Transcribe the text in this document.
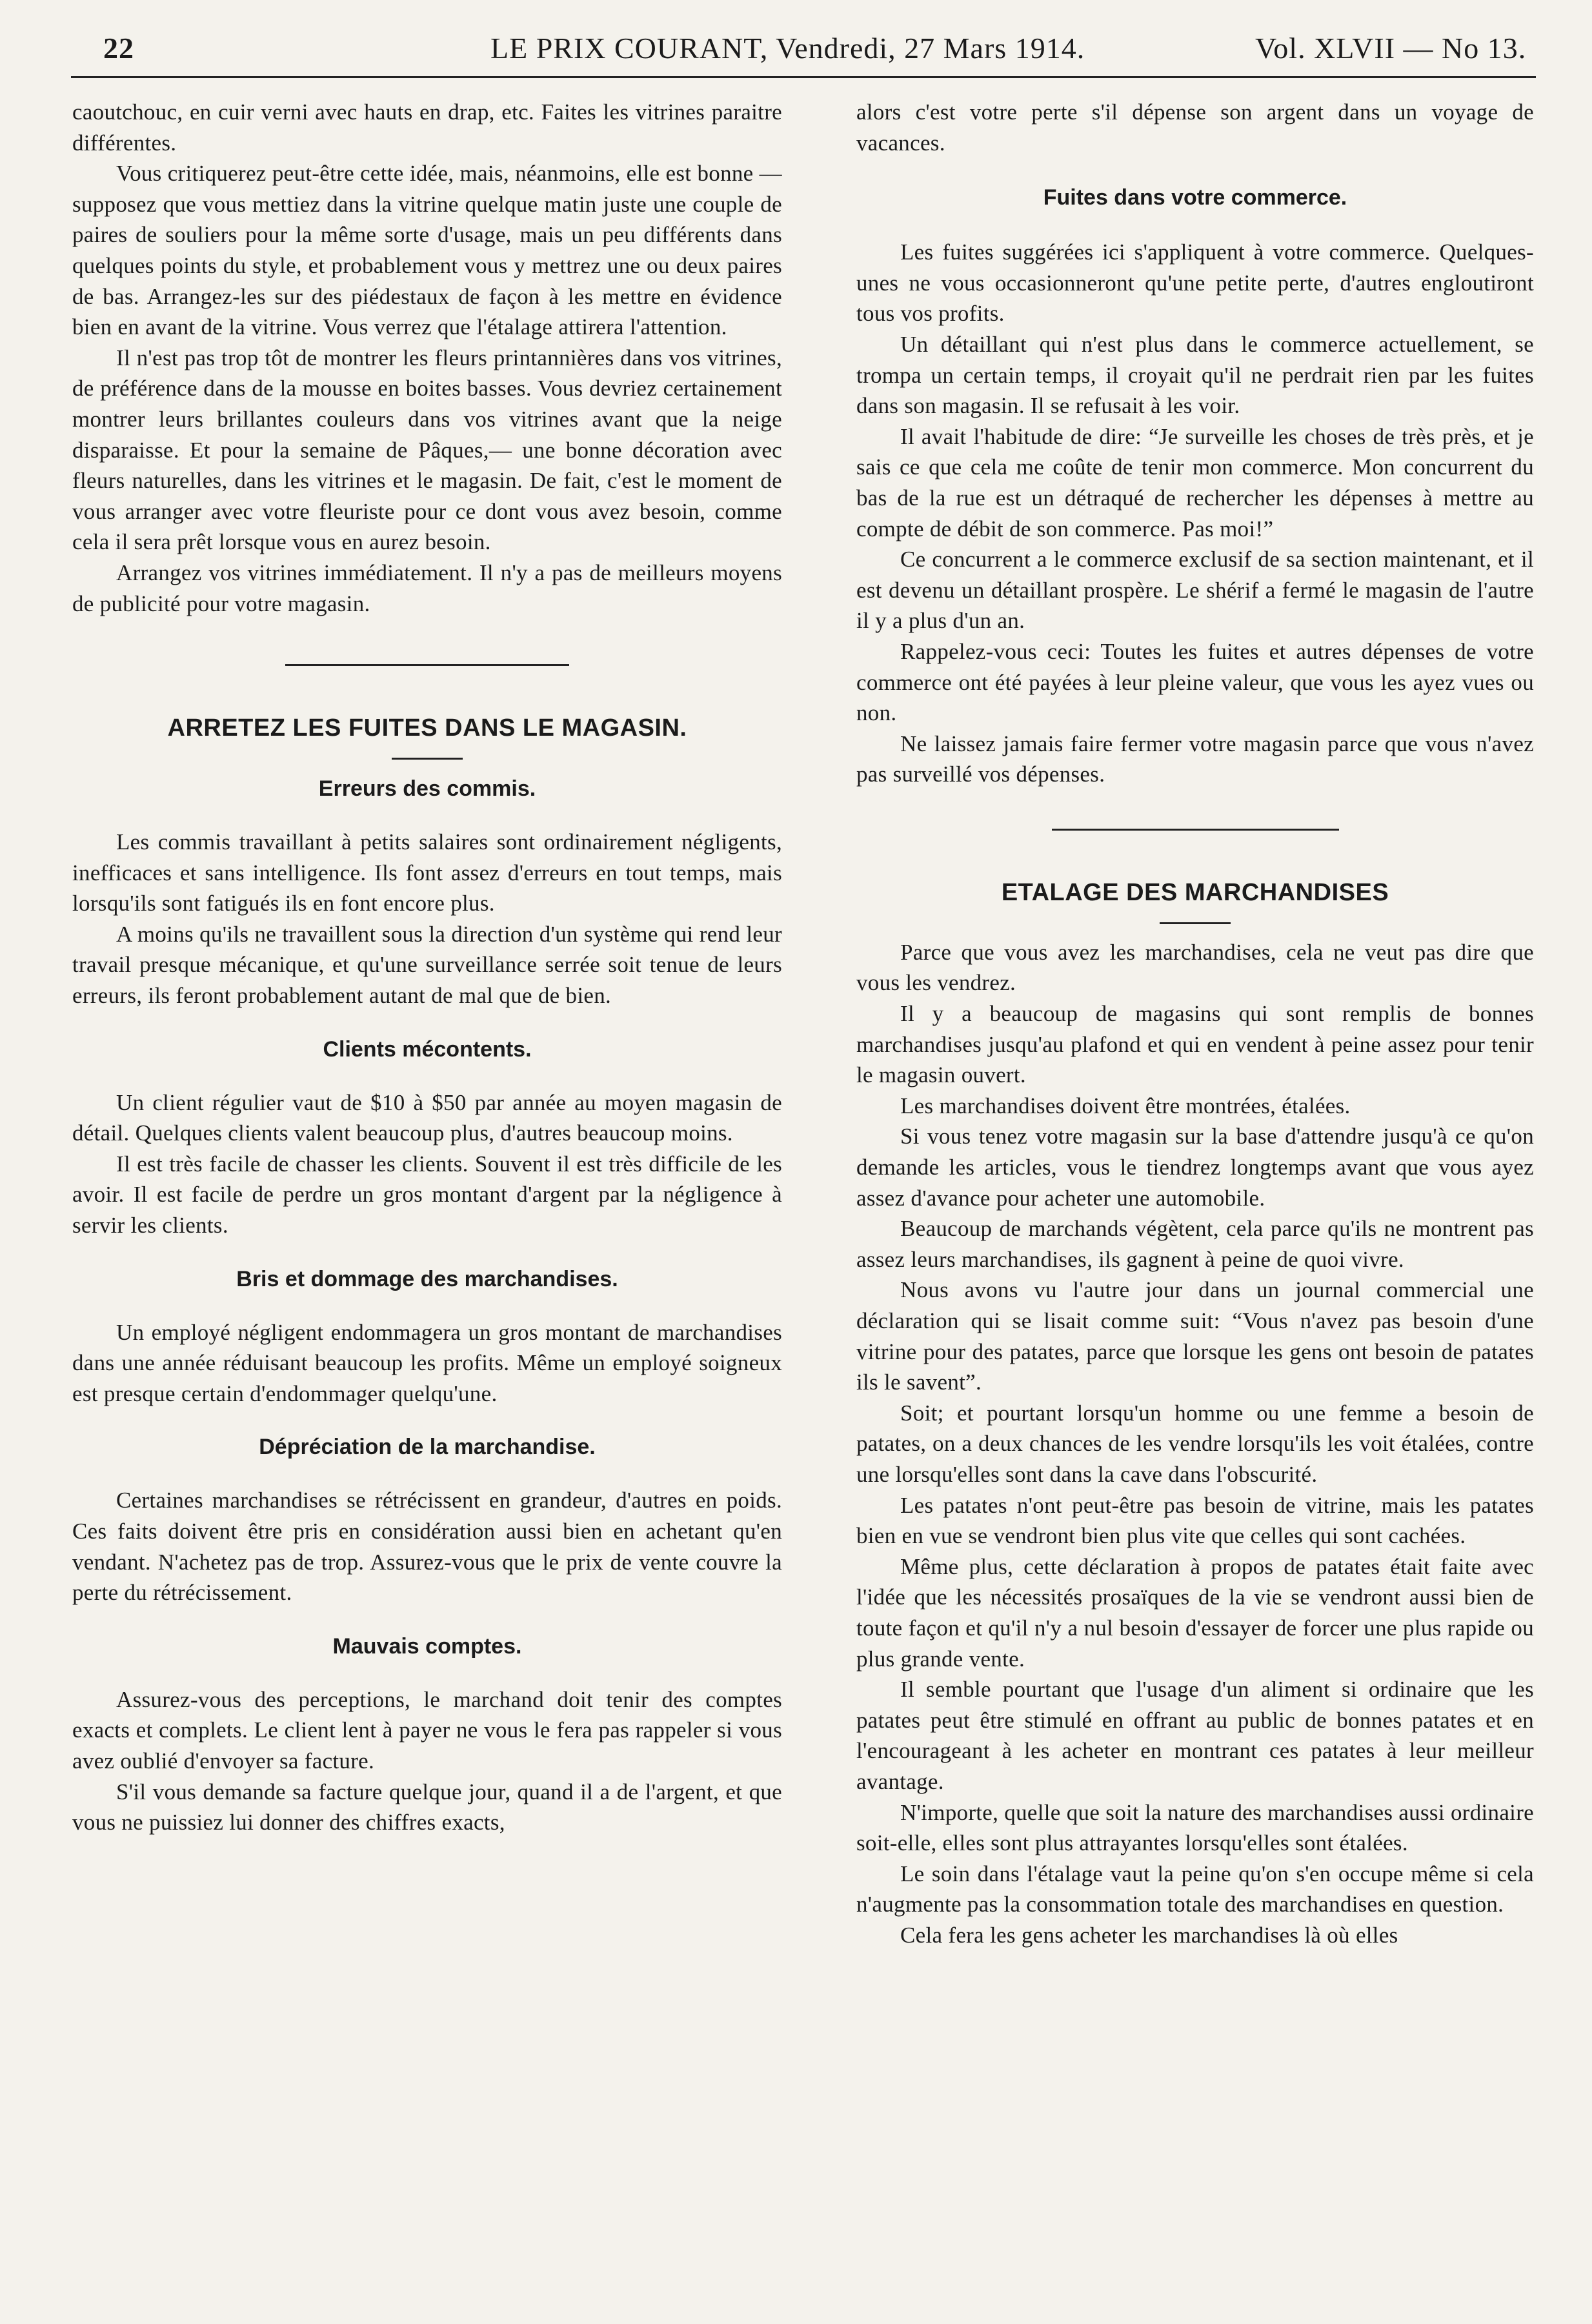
22	LE PRIX COURANT, Vendredi, 27 Mars 1914.	Vol. XLVII — No 13.

caoutchouc, en cuir verni avec hauts en drap, etc. Faites les vitrines paraitre différentes.

Vous critiquerez peut-être cette idée, mais, néanmoins, elle est bonne — supposez que vous mettiez dans la vitrine quelque matin juste une couple de paires de souliers pour la même sorte d'usage, mais un peu différents dans quelques points du style, et probablement vous y mettrez une ou deux paires de bas. Arrangez-les sur des piédestaux de façon à les mettre en évidence bien en avant de la vitrine. Vous verrez que l'étalage attirera l'attention.

Il n'est pas trop tôt de montrer les fleurs printannières dans vos vitrines, de préférence dans de la mousse en boites basses. Vous devriez certainement montrer leurs brillantes couleurs dans vos vitrines avant que la neige disparaisse. Et pour la semaine de Pâques,— une bonne décoration avec fleurs naturelles, dans les vitrines et le magasin. De fait, c'est le moment de vous arranger avec votre fleuriste pour ce dont vous avez besoin, comme cela il sera prêt lorsque vous en aurez besoin.

Arrangez vos vitrines immédiatement. Il n'y a pas de meilleurs moyens de publicité pour votre magasin.

ARRETEZ LES FUITES DANS LE MAGASIN.
Erreurs des commis.

Les commis travaillant à petits salaires sont ordinairement négligents, inefficaces et sans intelligence. Ils font assez d'erreurs en tout temps, mais lorsqu'ils sont fatigués ils en font encore plus.

A moins qu'ils ne travaillent sous la direction d'un système qui rend leur travail presque mécanique, et qu'une surveillance serrée soit tenue de leurs erreurs, ils feront probablement autant de mal que de bien.

Clients mécontents.

Un client régulier vaut de $10 à $50 par année au moyen magasin de détail. Quelques clients valent beaucoup plus, d'autres beaucoup moins.

Il est très facile de chasser les clients. Souvent il est très difficile de les avoir. Il est facile de perdre un gros montant d'argent par la négligence à servir les clients.

Bris et dommage des marchandises.

Un employé négligent endommagera un gros montant de marchandises dans une année réduisant beaucoup les profits. Même un employé soigneux est presque certain d'endommager quelqu'une.

Dépréciation de la marchandise.

Certaines marchandises se rétrécissent en grandeur, d'autres en poids. Ces faits doivent être pris en considération aussi bien en achetant qu'en vendant. N'achetez pas de trop. Assurez-vous que le prix de vente couvre la perte du rétrécissement.

Mauvais comptes.

Assurez-vous des perceptions, le marchand doit tenir des comptes exacts et complets. Le client lent à payer ne vous le fera pas rappeler si vous avez oublié d'envoyer sa facture.

S'il vous demande sa facture quelque jour, quand il a de l'argent, et que vous ne puissiez lui donner des chiffres exacts,

alors c'est votre perte s'il dépense son argent dans un voyage de vacances.

Fuites dans votre commerce.

Les fuites suggérées ici s'appliquent à votre commerce. Quelques-unes ne vous occasionneront qu'une petite perte, d'autres engloutiront tous vos profits.

Un détaillant qui n'est plus dans le commerce actuellement, se trompa un certain temps, il croyait qu'il ne perdrait rien par les fuites dans son magasin. Il se refusait à les voir.

Il avait l'habitude de dire: “Je surveille les choses de très près, et je sais ce que cela me coûte de tenir mon commerce. Mon concurrent du bas de la rue est un détraqué de rechercher les dépenses à mettre au compte de débit de son commerce. Pas moi!”

Ce concurrent a le commerce exclusif de sa section maintenant, et il est devenu un détaillant prospère. Le shérif a fermé le magasin de l'autre il y a plus d'un an.

Rappelez-vous ceci: Toutes les fuites et autres dépenses de votre commerce ont été payées à leur pleine valeur, que vous les ayez vues ou non.

Ne laissez jamais faire fermer votre magasin parce que vous n'avez pas surveillé vos dépenses.

ETALAGE DES MARCHANDISES

Parce que vous avez les marchandises, cela ne veut pas dire que vous les vendrez.

Il y a beaucoup de magasins qui sont remplis de bonnes marchandises jusqu'au plafond et qui en vendent à peine assez pour tenir le magasin ouvert.

Les marchandises doivent être montrées, étalées.

Si vous tenez votre magasin sur la base d'attendre jusqu'à ce qu'on demande les articles, vous le tiendrez longtemps avant que vous ayez assez d'avance pour acheter une automobile.

Beaucoup de marchands végètent, cela parce qu'ils ne montrent pas assez leurs marchandises, ils gagnent à peine de quoi vivre.

Nous avons vu l'autre jour dans un journal commercial une déclaration qui se lisait comme suit: “Vous n'avez pas besoin d'une vitrine pour des patates, parce que lorsque les gens ont besoin de patates ils le savent”.

Soit; et pourtant lorsqu'un homme ou une femme a besoin de patates, on a deux chances de les vendre lorsqu'ils les voit étalées, contre une lorsqu'elles sont dans la cave dans l'obscurité.

Les patates n'ont peut-être pas besoin de vitrine, mais les patates bien en vue se vendront bien plus vite que celles qui sont cachées.

Même plus, cette déclaration à propos de patates était faite avec l'idée que les nécessités prosaïques de la vie se vendront aussi bien de toute façon et qu'il n'y a nul besoin d'essayer de forcer une plus rapide ou plus grande vente.

Il semble pourtant que l'usage d'un aliment si ordinaire que les patates peut être stimulé en offrant au public de bonnes patates et en l'encourageant à les acheter en montrant ces patates à leur meilleur avantage.

N'importe, quelle que soit la nature des marchandises aussi ordinaire soit-elle, elles sont plus attrayantes lorsqu'elles sont étalées.

Le soin dans l'étalage vaut la peine qu'on s'en occupe même si cela n'augmente pas la consommation totale des marchandises en question.

Cela fera les gens acheter les marchandises là où elles
